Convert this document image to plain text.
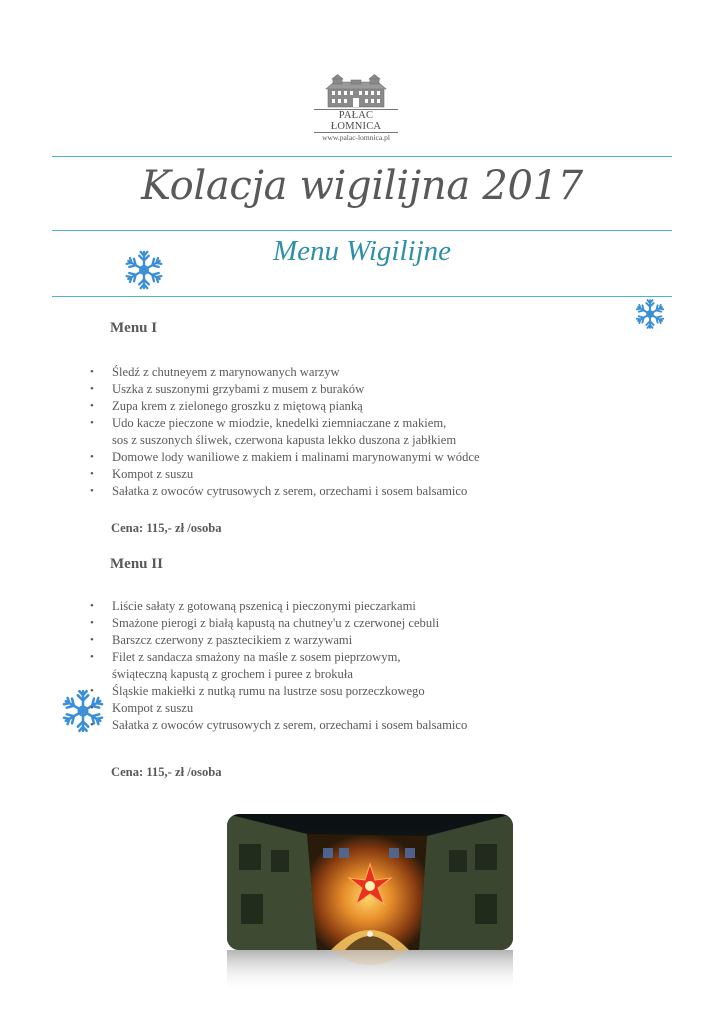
PAŁAC ŁOMNICA
www.palac-lomnica.pl
Kolacja wigilijna 2017
Menu Wigilijne
Menu I
• Śledź z chutneyem z marynowanych warzyw
• Uszka z suszonymi grzybami z musem z buraków
• Zupa krem z zielonego groszku z miętową pianką
• Udo kacze pieczone w miodzie, knedelki ziemniaczane z makiem,
sos z suszonych śliwek, czerwona kapusta lekko duszona z jabłkiem
• Domowe lody waniliowe z makiem i malinami marynowanymi w wódce
• Kompot z suszu
• Sałatka z owoców cytrusowych z serem, orzechami i sosem balsamico
Cena: 115,- zł /osoba
Menu II
• Liście sałaty z gotowaną pszenicą i pieczonymi pieczarkami
• Smażone pierogi z białą kapustą na chutney'u z czerwonej cebuli
• Barszcz czerwony z pasztecikiem z warzywami
• Filet z sandacza smażony na maśle z sosem pieprzowym,
świąteczną kapustą z grochem i puree z brokuła
• Śląskie makiełki z nutką rumu na lustrze sosu porzeczkowego
• Kompot z suszu
• Sałatka z owoców cytrusowych z serem, orzechami i sosem balsamico
Cena: 115,- zł /osoba
